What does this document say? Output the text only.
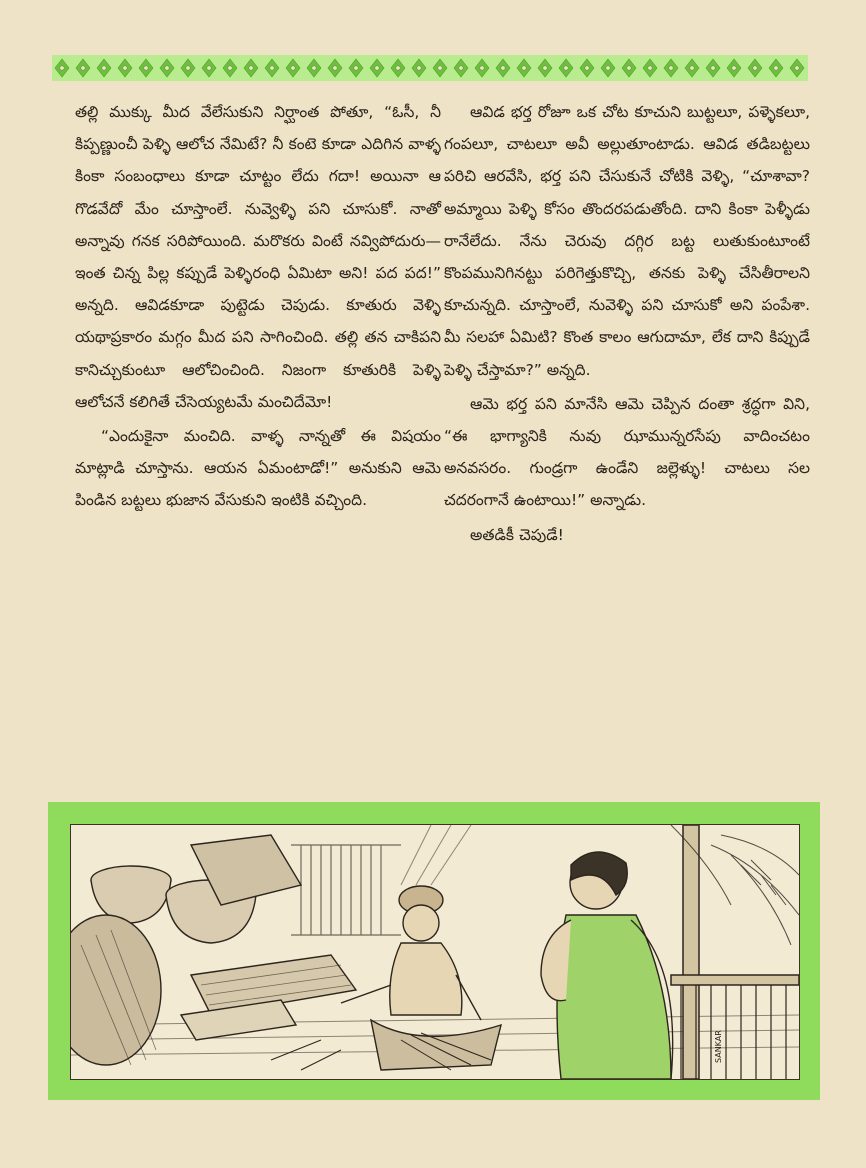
తల్లి ముక్కు మీద వేలేసుకుని నిర్ఘాంత పోతూ, “ఓసీ, నీ కిప్పణ్ణుంచీ పెళ్ళి ఆలోచ నేమిటే? నీ కంటె కూడా ఎదిగిన వాళ్ళ కింకా సంబంధాలు కూడా చూట్టం లేదు గదా! అయినా ఆ గొడవేదో మేం చూస్తాంలే. నువ్వెళ్ళి పని చూసుకో. నాతో అన్నావు గనక సరిపోయింది. మరొకరు వింటే నవ్విపోదురు—ఇంత చిన్న పిల్ల కప్పుడే పెళ్ళిరంధి ఏమిటా అని! పద పద!” అన్నది. ఆవిడకూడా పుట్టెడు చెపుడు. కూతురు వెళ్ళి యథాప్రకారం మగ్గం మీద పని సాగించింది. తల్లి తన చాకిపని కానిచ్చుకుంటూ ఆలోచించింది. నిజంగా కూతురికి పెళ్ళి ఆలోచనే కలిగితే చేసెయ్యటమే మంచిదేమో!

“ఎందుకైనా మంచిది. వాళ్ళ నాన్నతో ఈ విషయం మాట్లాడి చూస్తాను. ఆయన ఏమంటాడో!” అనుకుని ఆమె పిండిన బట్టలు భుజాన వేసుకుని ఇంటికి వచ్చింది.

ఆవిడ భర్త రోజూ ఒక చోట కూచుని బుట్టలూ, పళ్ళెకలూ, గంపలూ, చాటలూ అవీ అల్లుతూంటాడు. ఆవిడ తడిబట్టలు పరిచి ఆరవేసి, భర్త పని చేసుకునే చోటికి వెళ్ళి, “చూశావా? అమ్మాయి పెళ్ళి కోసం తొందరపడుతోంది. దాని కింకా పెళ్ళీడు రానేలేదు. నేను చెరువు దగ్గిర బట్ట లుతుకుంటూంటే కొంపమునిగినట్టు పరిగెత్తుకొచ్చి, తనకు పెళ్ళి చేసితీరాలని కూచున్నది. చూస్తాంలే, నువెళ్ళి పని చూసుకో అని పంపేశా. మీ సలహా ఏమిటి? కొంత కాలం ఆగుదామా, లేక దాని కిప్పుడే పెళ్ళి చేస్తామా?” అన్నది.

ఆమె భర్త పని మానేసి ఆమె చెప్పిన దంతా శ్రద్ధగా విని, “ఈ భాగ్యానికి నువు ఝామున్నరసేపు వాదించటం అనవసరం. గుండ్రగా ఉండేని జల్లెళ్ళు! చాటలు సల చదరంగానే ఉంటాయి!” అన్నాడు.

అతడికీ చెపుడే!

SANKAR
